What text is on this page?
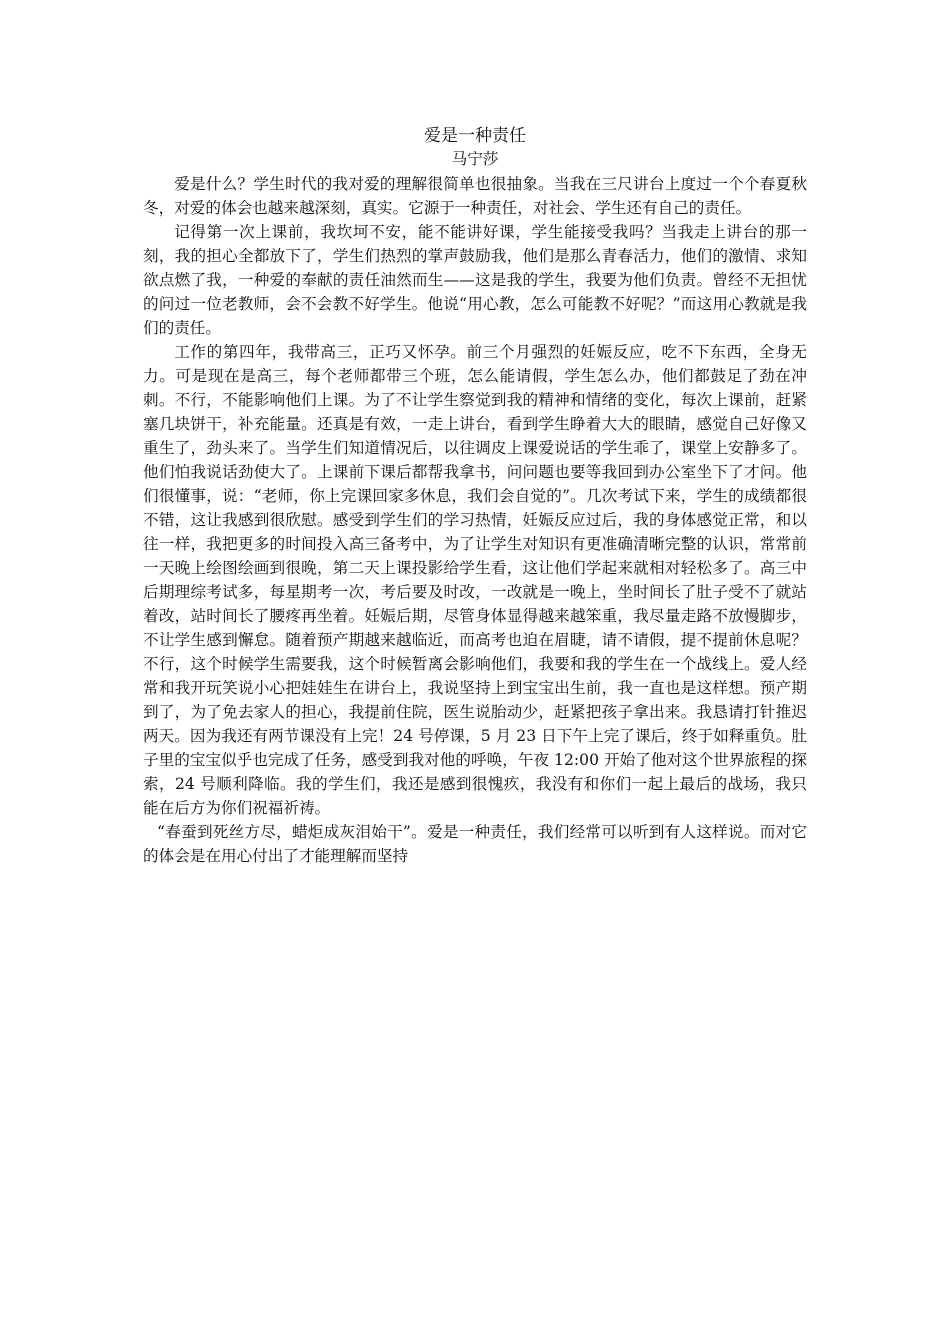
爱是一种责任

马宁莎

爱是什么？学生时代的我对爱的理解很简单也很抽象。当我在三尺讲台上度过一个个春夏秋冬，对爱的体会也越来越深刻，真实。它源于一种责任，对社会、学生还有自己的责任。

记得第一次上课前，我坎坷不安，能不能讲好课，学生能接受我吗？当我走上讲台的那一刻，我的担心全都放下了，学生们热烈的掌声鼓励我，他们是那么青春活力，他们的激情、求知欲点燃了我，一种爱的奉献的责任油然而生——这是我的学生，我要为他们负责。曾经不无担忧的问过一位老教师，会不会教不好学生。他说“用心教，怎么可能教不好呢？”而这用心教就是我们的责任。

工作的第四年，我带高三，正巧又怀孕。前三个月强烈的妊娠反应，吃不下东西，全身无力。可是现在是高三，每个老师都带三个班，怎么能请假，学生怎么办，他们都鼓足了劲在冲刺。不行，不能影响他们上课。为了不让学生察觉到我的精神和情绪的变化，每次上课前，赶紧塞几块饼干，补充能量。还真是有效，一走上讲台，看到学生睁着大大的眼睛，感觉自己好像又重生了，劲头来了。当学生们知道情况后，以往调皮上课爱说话的学生乖了，课堂上安静多了。他们怕我说话劲使大了。上课前下课后都帮我拿书，问问题也要等我回到办公室坐下了才问。他们很懂事，说：“老师，你上完课回家多休息，我们会自觉的”。几次考试下来，学生的成绩都很不错，这让我感到很欣慰。感受到学生们的学习热情，妊娠反应过后，我的身体感觉正常，和以往一样，我把更多的时间投入高三备考中，为了让学生对知识有更准确清晰完整的认识，常常前一天晚上绘图绘画到很晚，第二天上课投影给学生看，这让他们学起来就相对轻松多了。高三中后期理综考试多，每星期考一次，考后要及时改，一改就是一晚上，坐时间长了肚子受不了就站着改，站时间长了腰疼再坐着。妊娠后期，尽管身体显得越来越笨重，我尽量走路不放慢脚步，不让学生感到懈怠。随着预产期越来越临近，而高考也迫在眉睫，请不请假，提不提前休息呢？不行，这个时候学生需要我，这个时候暂离会影响他们，我要和我的学生在一个战线上。爱人经常和我开玩笑说小心把娃娃生在讲台上，我说坚持上到宝宝出生前，我一直也是这样想。预产期到了，为了免去家人的担心，我提前住院，医生说胎动少，赶紧把孩子拿出来。我恳请打针推迟两天。因为我还有两节课没有上完！24 号停课，5 月 23 日下午上完了课后，终于如释重负。肚子里的宝宝似乎也完成了任务，感受到我对他的呼唤，午夜 12:00 开始了他对这个世界旅程的探索，24 号顺利降临。我的学生们，我还是感到很愧疚，我没有和你们一起上最后的战场，我只能在后方为你们祝福祈祷。

“春蚕到死丝方尽，蜡炬成灰泪始干”。爱是一种责任，我们经常可以听到有人这样说。而对它的体会是在用心付出了才能理解而坚持
